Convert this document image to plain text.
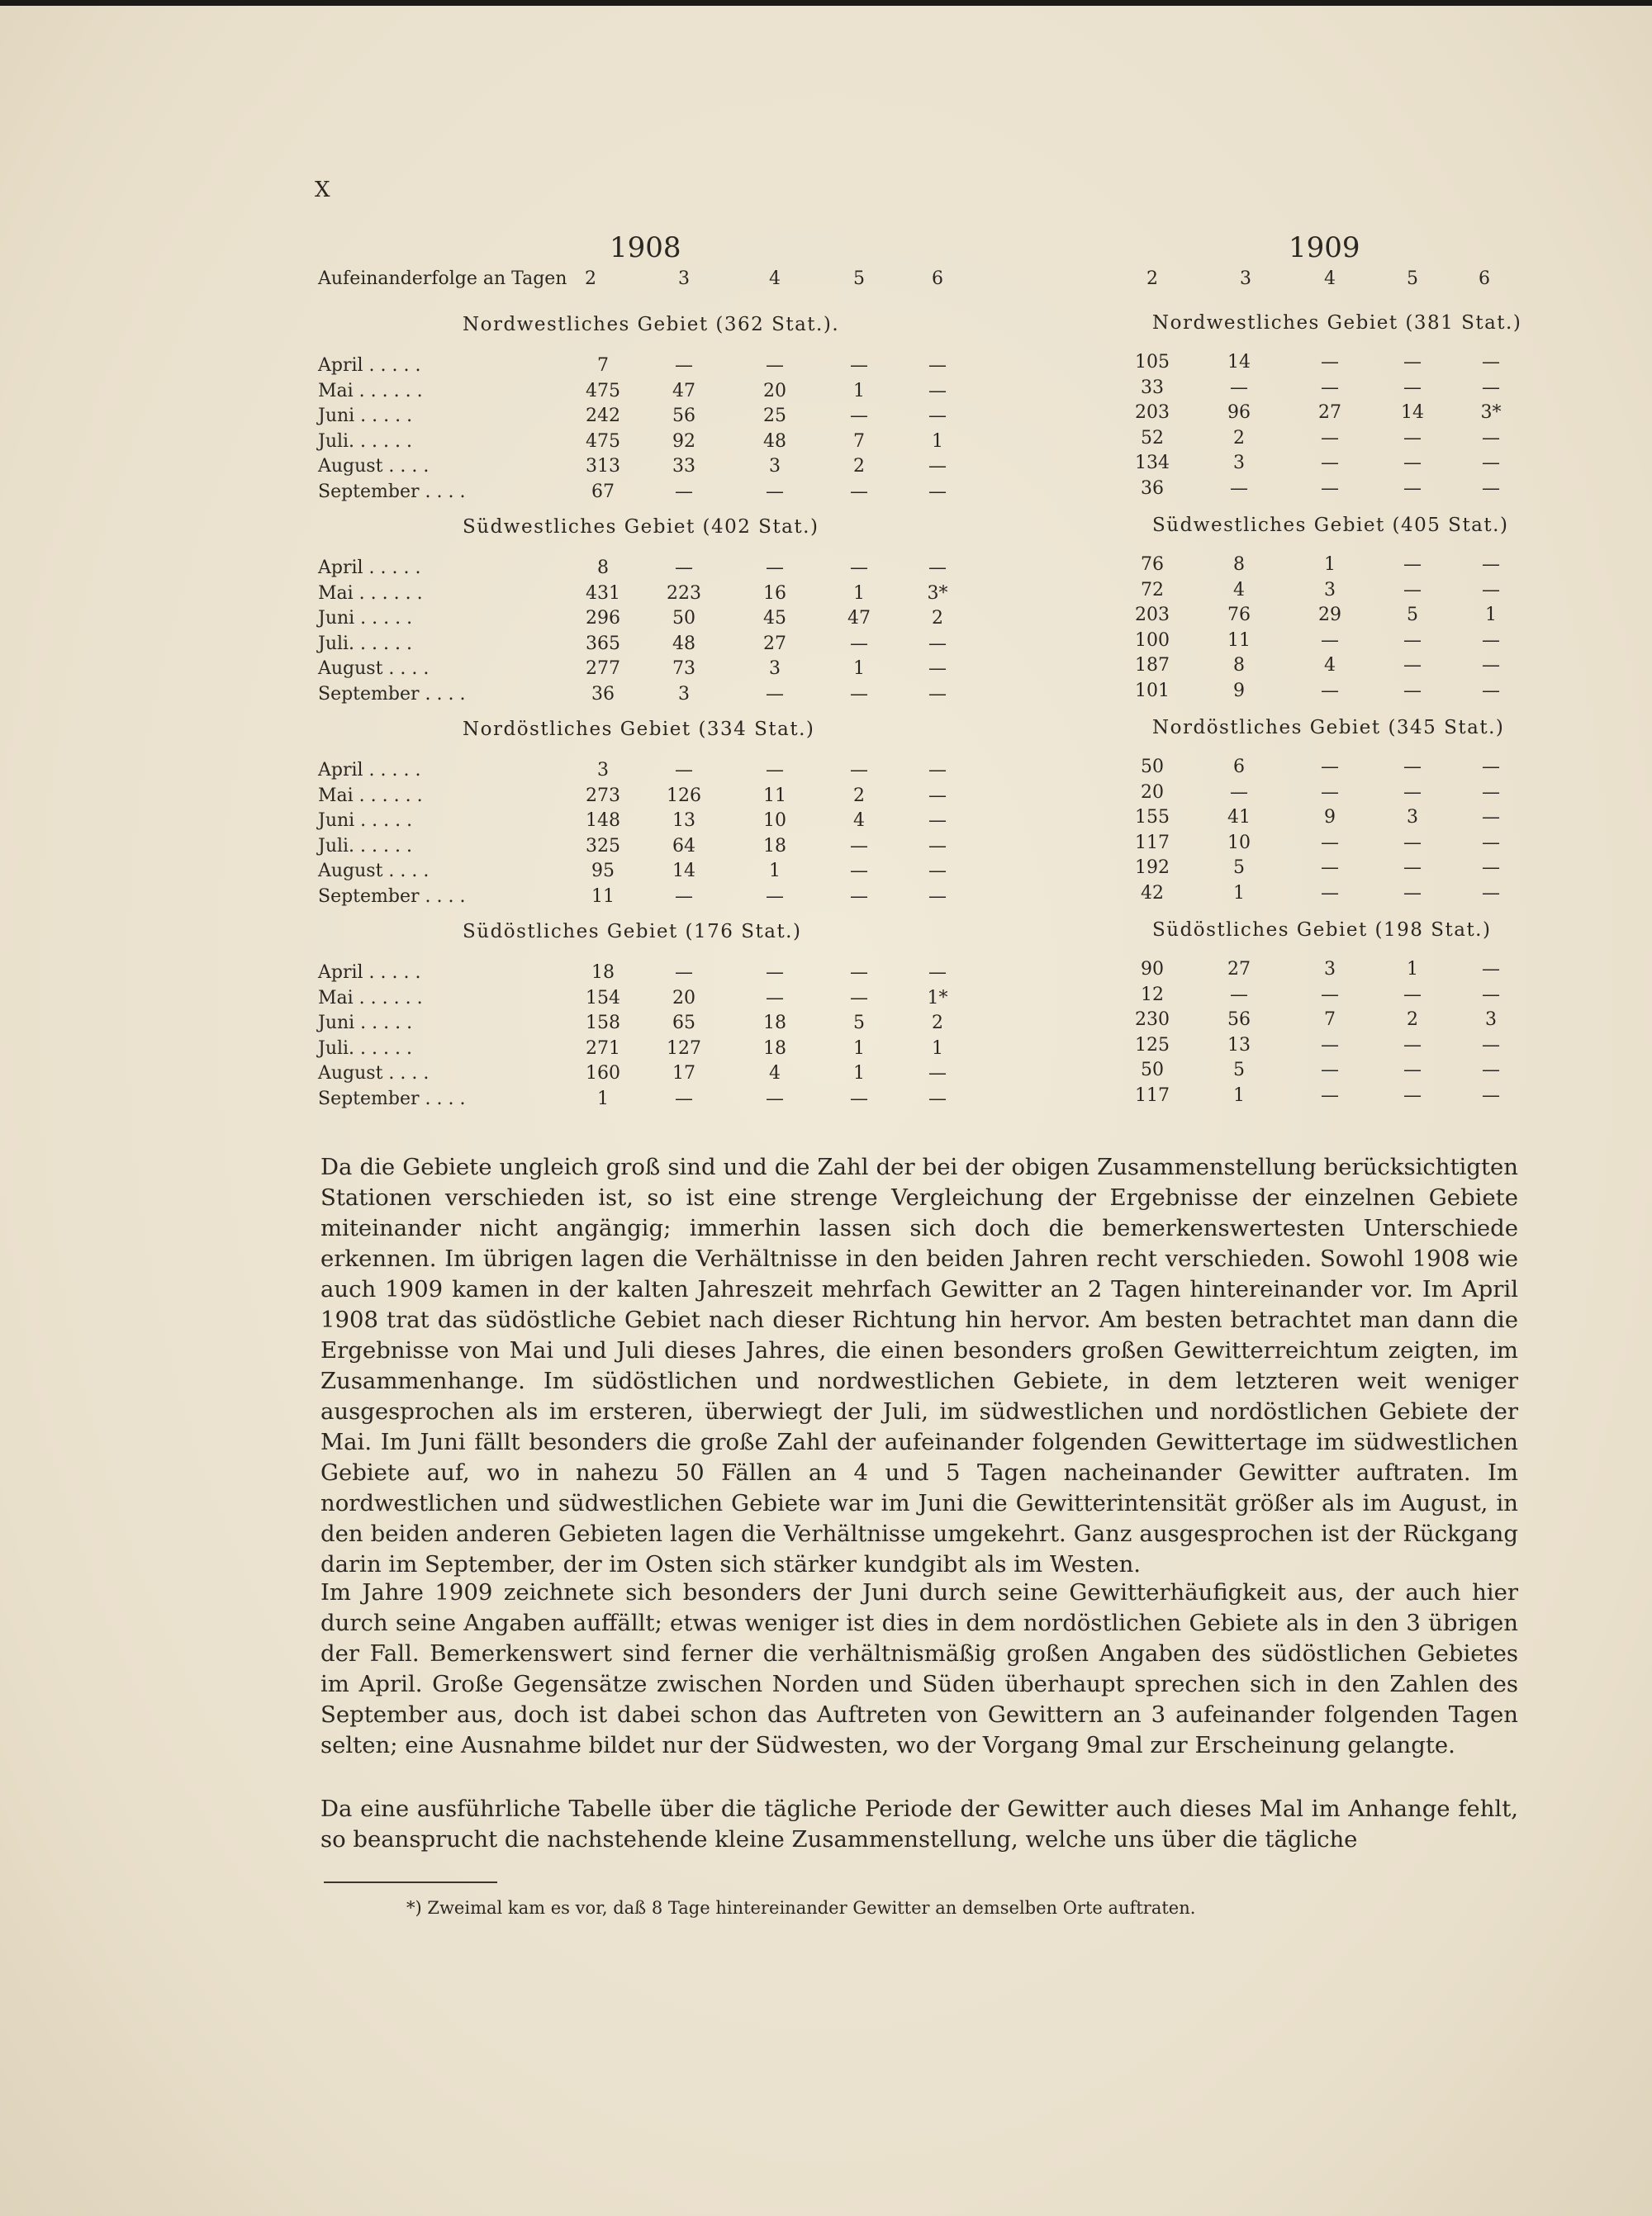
X
1908	1909
Aufeinanderfolge an Tagen 2	3	4	5	6	2	3	4	5	6
Nordwestliches Gebiet (362 Stat.).	Nordwestliches Gebiet (381 Stat.)
April . . . . .	7	—	—	—	—	105	14	—	—	—
Mai . . . . . .	475	47	20	1	—	33	—	—	—	—
Juni . . . . .	242	56	25	—	—	203	96	27	14	3*
Juli. . . . . .	475	92	48	7	1	52	2	—	—	—
August . . . .	313	33	3	2	—	134	3	—	—	—
September . . . .	67	—	—	—	—	36	—	—	—	—
Südwestliches Gebiet (402 Stat.)	Südwestliches Gebiet (405 Stat.)
April . . . . .	8	—	—	—	—	76	8	1	—	—
Mai . . . . . .	431	223	16	1	3*	72	4	3	—	—
Juni . . . . .	296	50	45	47	2	203	76	29	5	1
Juli. . . . . .	365	48	27	—	—	100	11	—	—	—
August . . . .	277	73	3	1	—	187	8	4	—	—
September . . . .	36	3	—	—	—	101	9	—	—	—
Nordöstliches Gebiet (334 Stat.)	Nordöstliches Gebiet (345 Stat.)
April . . . . .	3	—	—	—	—	50	6	—	—	—
Mai . . . . . .	273	126	11	2	—	20	—	—	—	—
Juni . . . . .	148	13	10	4	—	155	41	9	3	—
Juli. . . . . .	325	64	18	—	—	117	10	—	—	—
August . . . .	95	14	1	—	—	192	5	—	—	—
September . . . .	11	—	—	—	—	42	1	—	—	—
Südöstliches Gebiet (176 Stat.)	Südöstliches Gebiet (198 Stat.)
April . . . . .	18	—	—	—	—	90	27	3	1	—
Mai . . . . . .	154	20	—	—	1*	12	—	—	—	—
Juni . . . . .	158	65	18	5	2	230	56	7	2	3
Juli. . . . . .	271	127	18	1	1	125	13	—	—	—
August . . . .	160	17	4	1	—	50	5	—	—	—
September . . . .	1	—	—	—	—	117	1	—	—	—

Da die Gebiete ungleich groß sind und die Zahl der bei der obigen Zusammenstellung berücksichtigten Stationen verschieden ist, so ist eine strenge Vergleichung der Ergebnisse der einzelnen Gebiete miteinander nicht angängig; immerhin lassen sich doch die bemerkenswertesten Unterschiede erkennen. Im übrigen lagen die Verhältnisse in den beiden Jahren recht verschieden. Sowohl 1908 wie auch 1909 kamen in der kalten Jahreszeit mehrfach Gewitter an 2 Tagen hintereinander vor. Im April 1908 trat das südöstliche Gebiet nach dieser Richtung hin hervor. Am besten betrachtet man dann die Ergebnisse von Mai und Juli dieses Jahres, die einen besonders großen Gewitterreichtum zeigten, im Zusammenhange. Im südöstlichen und nordwestlichen Gebiete, in dem letzteren weit weniger ausgesprochen als im ersteren, überwiegt der Juli, im südwestlichen und nordöstlichen Gebiete der Mai. Im Juni fällt besonders die große Zahl der aufeinander folgenden Gewittertage im südwestlichen Gebiete auf, wo in nahezu 50 Fällen an 4 und 5 Tagen nacheinander Gewitter auftraten. Im nordwestlichen und südwestlichen Gebiete war im Juni die Gewitterintensität größer als im August, in den beiden anderen Gebieten lagen die Verhältnisse umgekehrt. Ganz ausgesprochen ist der Rückgang darin im September, der im Osten sich stärker kundgibt als im Westen.

Im Jahre 1909 zeichnete sich besonders der Juni durch seine Gewitterhäufigkeit aus, der auch hier durch seine Angaben auffällt; etwas weniger ist dies in dem nordöstlichen Gebiete als in den 3 übrigen der Fall. Bemerkenswert sind ferner die verhältnismäßig großen Angaben des südöstlichen Gebietes im April. Große Gegensätze zwischen Norden und Süden überhaupt sprechen sich in den Zahlen des September aus, doch ist dabei schon das Auftreten von Gewittern an 3 aufeinander folgenden Tagen selten; eine Ausnahme bildet nur der Südwesten, wo der Vorgang 9mal zur Erscheinung gelangte.

Da eine ausführliche Tabelle über die tägliche Periode der Gewitter auch dieses Mal im Anhange fehlt, so beansprucht die nachstehende kleine Zusammenstellung, welche uns über die tägliche

*) Zweimal kam es vor, daß 8 Tage hintereinander Gewitter an demselben Orte auftraten.
